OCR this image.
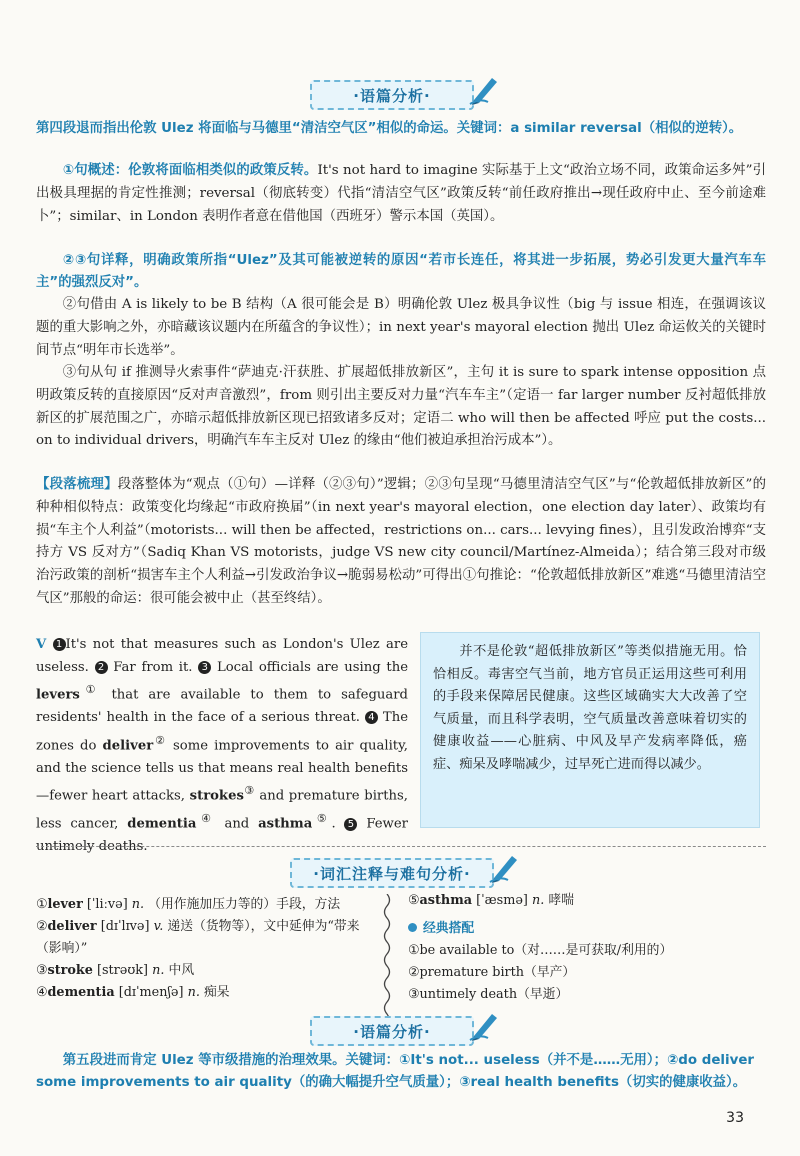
·语篇分析·
第四段退而指出伦敦 Ulez 将面临与马德里“清洁空气区”相似的命运。关键词：a similar reversal（相似的逆转）。
①句概述：伦敦将面临相类似的政策反转。It's not hard to imagine 实际基于上文“政治立场不同，政策命运多舛”引出极具理据的肯定性推测；reversal（彻底转变）代指“清洁空气区”政策反转“前任政府推出→现任政府中止、至今前途难卜”；similar、in London 表明作者意在借他国（西班牙）警示本国（英国）。
②③句详释，明确政策所指“Ulez”及其可能被逆转的原因“若市长连任，将其进一步拓展，势必引发更大量汽车车主”的强烈反对”。
②句借由 A is likely to be B 结构（A 很可能会是 B）明确伦敦 Ulez 极具争议性（big 与 issue 相连，在强调该议题的重大影响之外，亦暗藏该议题内在所蕴含的争议性）；in next year's mayoral election 抛出 Ulez 命运攸关的关键时间节点“明年市长选举”。
③句从句 if 推测导火索事件“萨迪克·汗获胜、扩展超低排放新区”，主句 it is sure to spark intense opposition 点明政策反转的直接原因“反对声音激烈”，from 则引出主要反对力量“汽车车主”（定语一 far larger number 反衬超低排放新区的扩展范围之广，亦暗示超低排放新区现已招致诸多反对；定语二 who will then be affected 呼应 put the costs... on to individual drivers，明确汽车车主反对 Ulez 的缘由“他们被迫承担治污成本”）。
【段落梳理】段落整体为“观点（①句）—详释（②③句）”逻辑；②③句呈现“马德里清洁空气区”与“伦敦超低排放新区”的种种相似特点：政策变化均缘起“市政府换届”（in next year's mayoral election，one election day later）、政策均有损“车主个人利益”（motorists... will then be affected，restrictions on... cars... levying fines），且引发政治博弈“支持方 VS 反对方”（Sadiq Khan VS motorists，judge VS new city council/Martínez-Almeida）；结合第三段对市级治污政策的剖析“损害车主个人利益→引发政治争议→脆弱易松动”可得出①句推论：“伦敦超低排放新区”难逃“马德里清洁空气区”那般的命运：很可能会被中止（甚至终结）。
V 1 It's not that measures such as London's Ulez are useless. 2 Far from it. 3 Local officials are using the levers① that are available to them to safeguard residents' health in the face of a serious threat. 4 The zones do deliver② some improvements to air quality, and the science tells us that means real health benefits—fewer heart attacks, strokes③ and premature births, less cancer, dementia④ and asthma⑤. 5 Fewer untimely deaths.
并不是伦敦“超低排放新区”等类似措施无用。恰恰相反。毒害空气当前，地方官员正运用这些可利用的手段来保障居民健康。这些区域确实大大改善了空气质量，而且科学表明，空气质量改善意味着切实的健康收益——心脏病、中风及早产发病率降低，癌症、痴呆及哮喘减少，过早死亡进而得以减少。
·词汇注释与难句分析·
①lever [ˈliːvə] n. （用作施加压力等的）手段，方法
②deliver [dɪˈlɪvə] v. 递送（货物等），文中延伸为“带来（影响）”
③stroke [strəʊk] n. 中风
④dementia [dɪˈmenʃə] n. 痴呆
⑤asthma [ˈæsmə] n. 哮喘
经典搭配
①be available to（对……是可获取/利用的）
②premature birth（早产）
③untimely death（早逝）
·语篇分析·
第五段进而肯定 Ulez 等市级措施的治理效果。关键词：①It's not... useless（并不是……无用）；②do deliver some improvements to air quality（的确大幅提升空气质量）；③real health benefits（切实的健康收益）。
33
